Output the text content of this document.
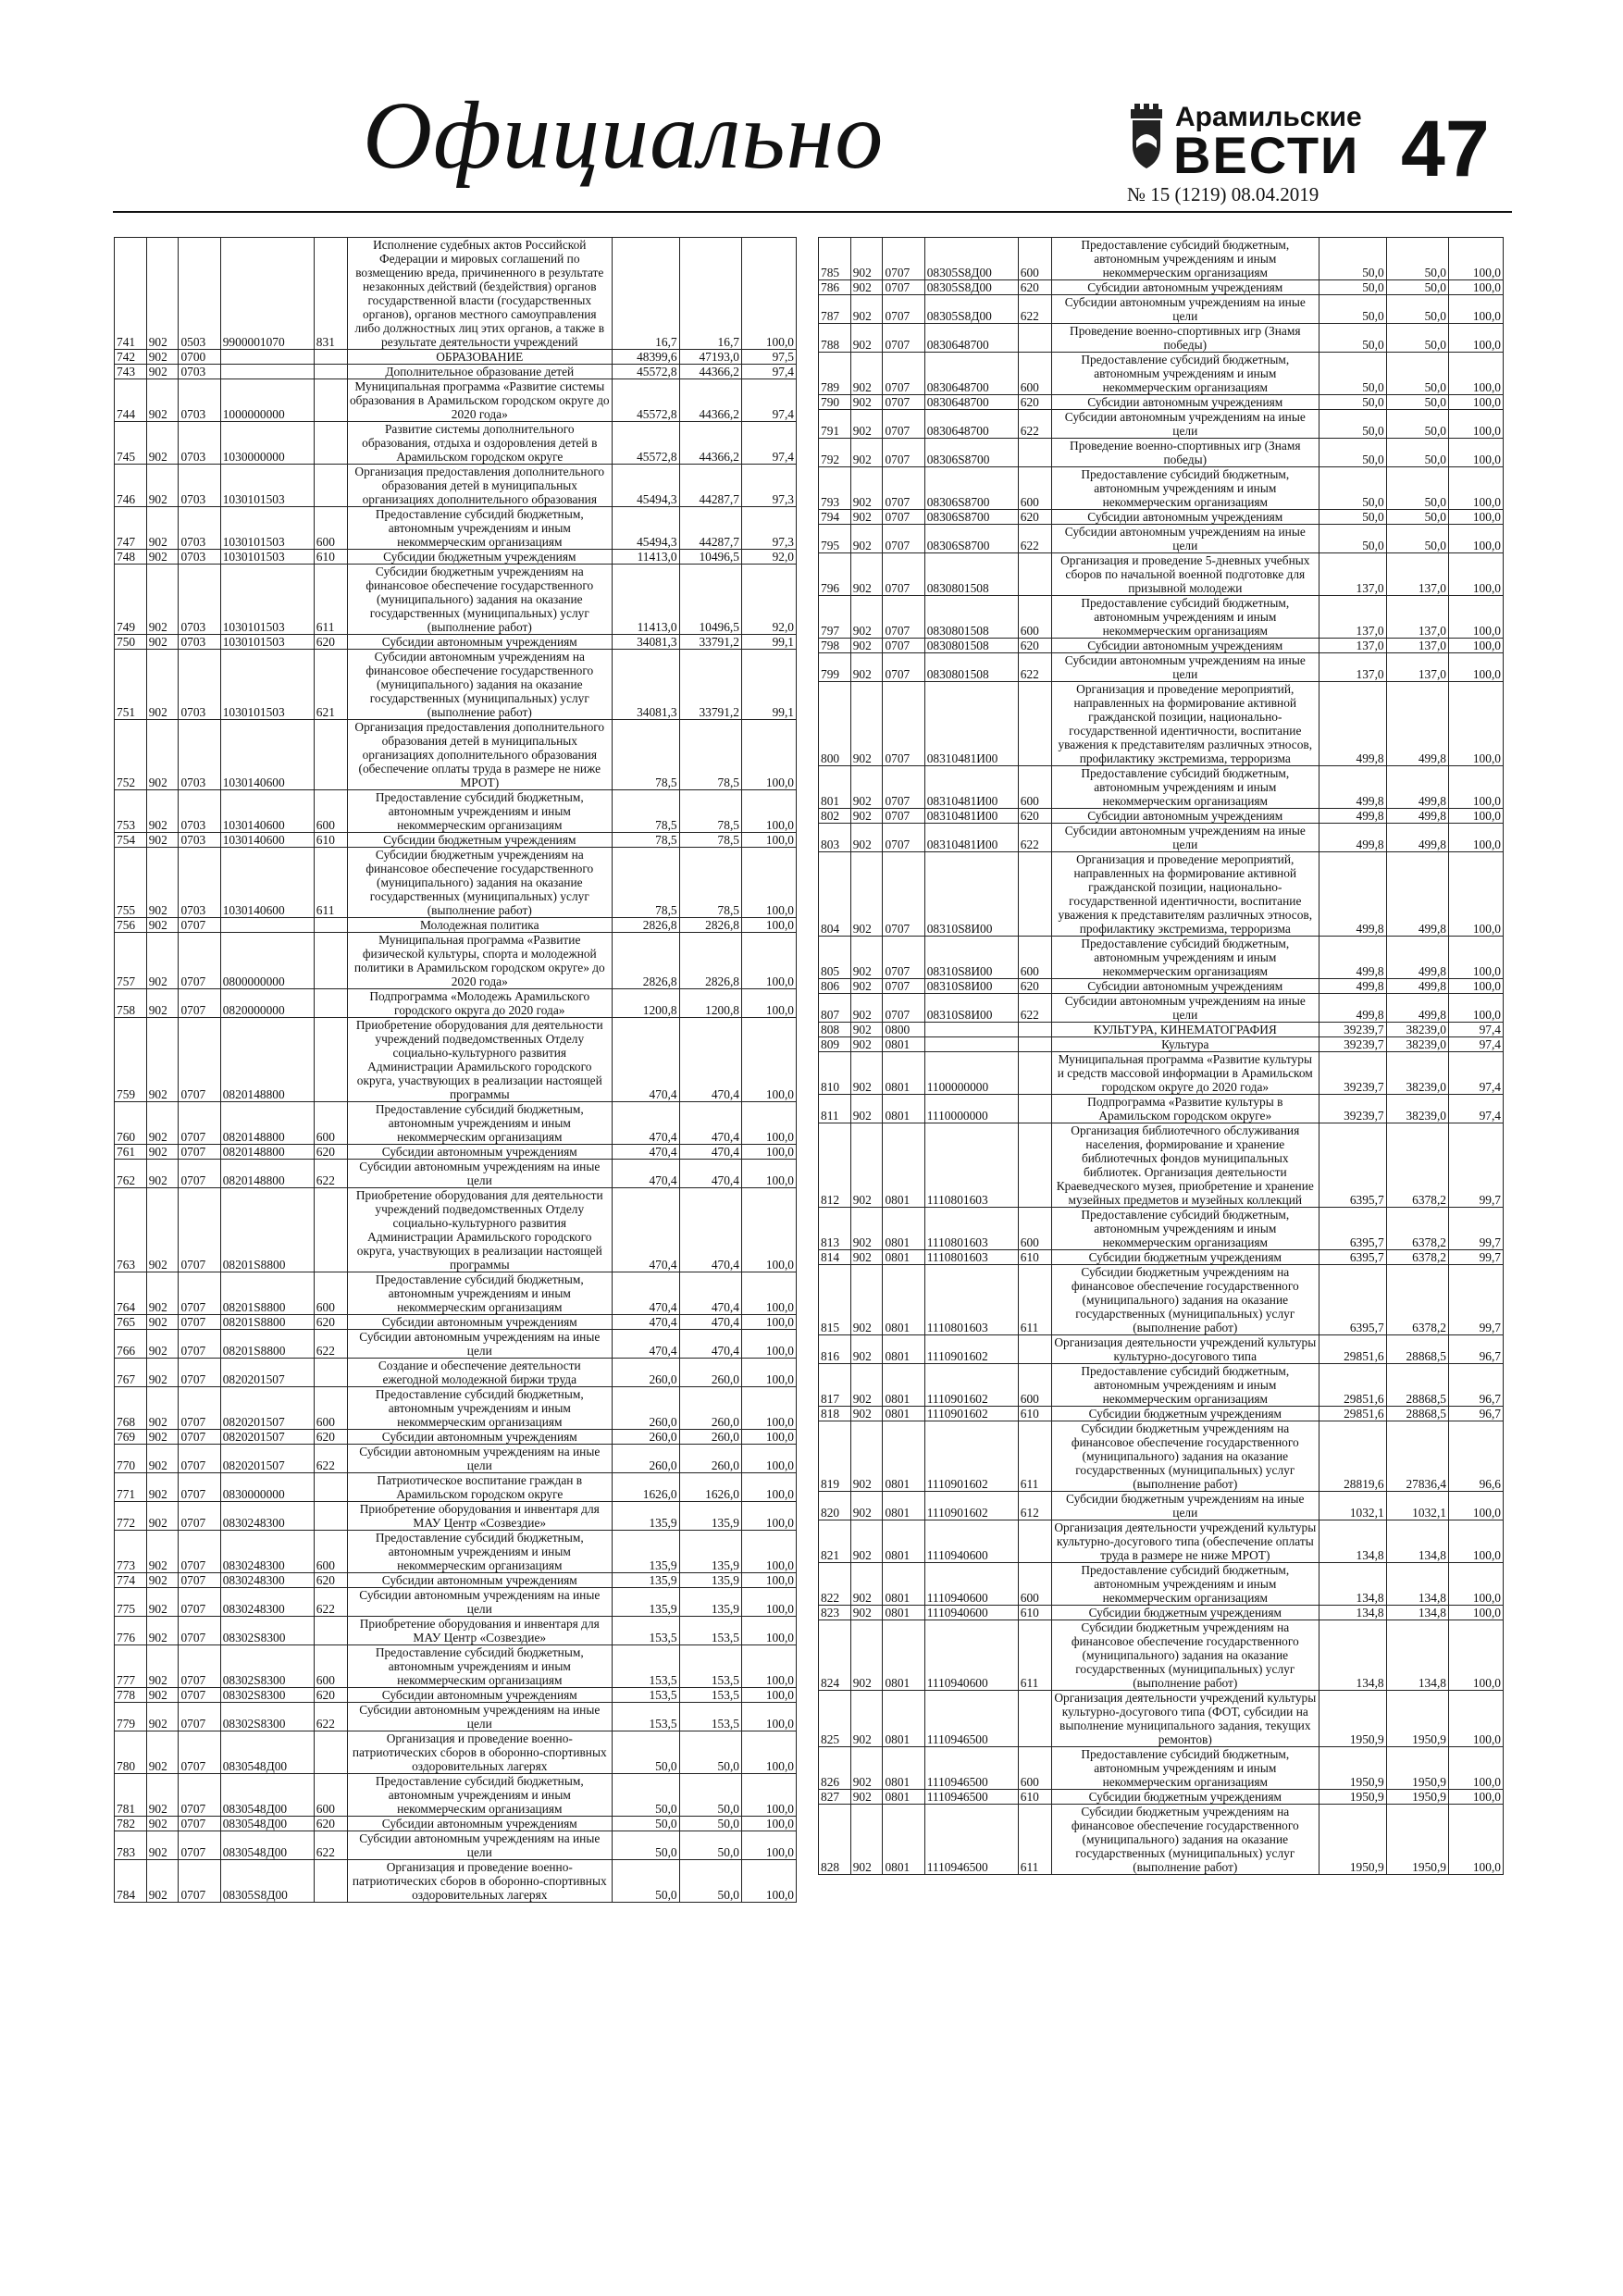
Официально	Арамильские
ВЕСТИ
№ 15 (1219) 08.04.2019
47
741	902	0503	9900001070	831	Исполнение судебных актов Российской Федерации и мировых соглашений по возмещению вреда, причиненного в результате незаконных действий (бездействия) органов государственной власти (государственных органов), органов местного самоуправления либо должностных лиц этих органов, а также в результате деятельности учреждений	16,7	16,7	100,0
742	902	0700			ОБРАЗОВАНИЕ	48399,6	47193,0	97,5
743	902	0703			Дополнительное образование детей	45572,8	44366,2	97,4
744	902	0703	1000000000		Муниципальная программа «Развитие системы образования в Арамильском городском округе до 2020 года»	45572,8	44366,2	97,4
745	902	0703	1030000000		Развитие системы дополнительного образования, отдыха и оздоровления детей в Арамильском городском округе	45572,8	44366,2	97,4
746	902	0703	1030101503		Организация предоставления дополнительного образования детей в муниципальных организациях дополнительного образования	45494,3	44287,7	97,3
747	902	0703	1030101503	600	Предоставление субсидий бюджетным, автономным учреждениям и иным некоммерческим организациям	45494,3	44287,7	97,3
748	902	0703	1030101503	610	Субсидии бюджетным учреждениям	11413,0	10496,5	92,0
749	902	0703	1030101503	611	Субсидии бюджетным учреждениям на финансовое обеспечение государственного (муниципального) задания на оказание государственных (муниципальных) услуг (выполнение работ)	11413,0	10496,5	92,0
750	902	0703	1030101503	620	Субсидии автономным учреждениям	34081,3	33791,2	99,1
751	902	0703	1030101503	621	Субсидии автономным учреждениям на финансовое обеспечение государственного (муниципального) задания на оказание государственных (муниципальных) услуг (выполнение работ)	34081,3	33791,2	99,1
752	902	0703	1030140600		Организация предоставления дополнительного образования детей в муниципальных организациях дополнительного образования (обеспечение оплаты труда в размере не ниже МРОТ)	78,5	78,5	100,0
753	902	0703	1030140600	600	Предоставление субсидий бюджетным, автономным учреждениям и иным некоммерческим организациям	78,5	78,5	100,0
754	902	0703	1030140600	610	Субсидии бюджетным учреждениям	78,5	78,5	100,0
755	902	0703	1030140600	611	Субсидии бюджетным учреждениям на финансовое обеспечение государственного (муниципального) задания на оказание государственных (муниципальных) услуг (выполнение работ)	78,5	78,5	100,0
756	902	0707			Молодежная политика	2826,8	2826,8	100,0
757	902	0707	0800000000		Муниципальная программа «Развитие физической культуры, спорта и молодежной политики в Арамильском городском округе» до 2020 года»	2826,8	2826,8	100,0
758	902	0707	0820000000		Подпрограмма «Молодежь Арамильского городского округа до 2020 года»	1200,8	1200,8	100,0
759	902	0707	0820148800		Приобретение оборудования для деятельности учреждений подведомственных Отделу социально-культурного развития Администрации Арамильского городского округа, участвующих в реализации настоящей программы	470,4	470,4	100,0
760	902	0707	0820148800	600	Предоставление субсидий бюджетным, автономным учреждениям и иным некоммерческим организациям	470,4	470,4	100,0
761	902	0707	0820148800	620	Субсидии автономным учреждениям	470,4	470,4	100,0
762	902	0707	0820148800	622	Субсидии автономным учреждениям на иные цели	470,4	470,4	100,0
763	902	0707	08201S8800		Приобретение оборудования для деятельности учреждений подведомственных Отделу социально-культурного развития Администрации Арамильского городского округа, участвующих в реализации настоящей программы	470,4	470,4	100,0
764	902	0707	08201S8800	600	Предоставление субсидий бюджетным, автономным учреждениям и иным некоммерческим организациям	470,4	470,4	100,0
765	902	0707	08201S8800	620	Субсидии автономным учреждениям	470,4	470,4	100,0
766	902	0707	08201S8800	622	Субсидии автономным учреждениям на иные цели	470,4	470,4	100,0
767	902	0707	0820201507		Создание и обеспечение деятельности ежегодной молодежной биржи труда	260,0	260,0	100,0
768	902	0707	0820201507	600	Предоставление субсидий бюджетным, автономным учреждениям и иным некоммерческим организациям	260,0	260,0	100,0
769	902	0707	0820201507	620	Субсидии автономным учреждениям	260,0	260,0	100,0
770	902	0707	0820201507	622	Субсидии автономным учреждениям на иные цели	260,0	260,0	100,0
771	902	0707	0830000000		Патриотическое воспитание граждан в Арамильском городском округе	1626,0	1626,0	100,0
772	902	0707	0830248300		Приобретение оборудования и инвентаря для МАУ Центр «Созвездие»	135,9	135,9	100,0
773	902	0707	0830248300	600	Предоставление субсидий бюджетным, автономным учреждениям и иным некоммерческим организациям	135,9	135,9	100,0
774	902	0707	0830248300	620	Субсидии автономным учреждениям	135,9	135,9	100,0
775	902	0707	0830248300	622	Субсидии автономным учреждениям на иные цели	135,9	135,9	100,0
776	902	0707	08302S8300		Приобретение оборудования и инвентаря для МАУ Центр «Созвездие»	153,5	153,5	100,0
777	902	0707	08302S8300	600	Предоставление субсидий бюджетным, автономным учреждениям и иным некоммерческим организациям	153,5	153,5	100,0
778	902	0707	08302S8300	620	Субсидии автономным учреждениям	153,5	153,5	100,0
779	902	0707	08302S8300	622	Субсидии автономным учреждениям на иные цели	153,5	153,5	100,0
780	902	0707	0830548Д00		Организация и проведение военно-патриотических сборов в оборонно-спортивных оздоровительных лагерях	50,0	50,0	100,0
781	902	0707	0830548Д00	600	Предоставление субсидий бюджетным, автономным учреждениям и иным некоммерческим организациям	50,0	50,0	100,0
782	902	0707	0830548Д00	620	Субсидии автономным учреждениям	50,0	50,0	100,0
783	902	0707	0830548Д00	622	Субсидии автономным учреждениям на иные цели	50,0	50,0	100,0
784	902	0707	08305S8Д00		Организация и проведение военно-патриотических сборов в оборонно-спортивных оздоровительных лагерях	50,0	50,0	100,0
785	902	0707	08305S8Д00	600	Предоставление субсидий бюджетным, автономным учреждениям и иным некоммерческим организациям	50,0	50,0	100,0
786	902	0707	08305S8Д00	620	Субсидии автономным учреждениям	50,0	50,0	100,0
787	902	0707	08305S8Д00	622	Субсидии автономным учреждениям на иные цели	50,0	50,0	100,0
788	902	0707	0830648700		Проведение военно-спортивных игр (Знамя победы)	50,0	50,0	100,0
789	902	0707	0830648700	600	Предоставление субсидий бюджетным, автономным учреждениям и иным некоммерческим организациям	50,0	50,0	100,0
790	902	0707	0830648700	620	Субсидии автономным учреждениям	50,0	50,0	100,0
791	902	0707	0830648700	622	Субсидии автономным учреждениям на иные цели	50,0	50,0	100,0
792	902	0707	08306S8700		Проведение военно-спортивных игр (Знамя победы)	50,0	50,0	100,0
793	902	0707	08306S8700	600	Предоставление субсидий бюджетным, автономным учреждениям и иным некоммерческим организациям	50,0	50,0	100,0
794	902	0707	08306S8700	620	Субсидии автономным учреждениям	50,0	50,0	100,0
795	902	0707	08306S8700	622	Субсидии автономным учреждениям на иные цели	50,0	50,0	100,0
796	902	0707	0830801508		Организация и проведение 5-дневных учебных сборов по начальной военной подготовке для призывной молодежи	137,0	137,0	100,0
797	902	0707	0830801508	600	Предоставление субсидий бюджетным, автономным учреждениям и иным некоммерческим организациям	137,0	137,0	100,0
798	902	0707	0830801508	620	Субсидии автономным учреждениям	137,0	137,0	100,0
799	902	0707	0830801508	622	Субсидии автономным учреждениям на иные цели	137,0	137,0	100,0
800	902	0707	08310481И00		Организация и проведение мероприятий, направленных на формирование активной гражданской позиции, национально-государственной идентичности, воспитание уважения к представителям различных этносов, профилактику экстремизма, терроризма	499,8	499,8	100,0
801	902	0707	08310481И00	600	Предоставление субсидий бюджетным, автономным учреждениям и иным некоммерческим организациям	499,8	499,8	100,0
802	902	0707	08310481И00	620	Субсидии автономным учреждениям	499,8	499,8	100,0
803	902	0707	08310481И00	622	Субсидии автономным учреждениям на иные цели	499,8	499,8	100,0
804	902	0707	08310S8И00		Организация и проведение мероприятий, направленных на формирование активной гражданской позиции, национально-государственной идентичности, воспитание уважения к представителям различных этносов, профилактику экстремизма, терроризма	499,8	499,8	100,0
805	902	0707	08310S8И00	600	Предоставление субсидий бюджетным, автономным учреждениям и иным некоммерческим организациям	499,8	499,8	100,0
806	902	0707	08310S8И00	620	Субсидии автономным учреждениям	499,8	499,8	100,0
807	902	0707	08310S8И00	622	Субсидии автономным учреждениям на иные цели	499,8	499,8	100,0
808	902	0800			КУЛЬТУРА, КИНЕМАТОГРАФИЯ	39239,7	38239,0	97,4
809	902	0801			Культура	39239,7	38239,0	97,4
810	902	0801	1100000000		Муниципальная программа «Развитие культуры и средств массовой информации в Арамильском городском округе до 2020 года»	39239,7	38239,0	97,4
811	902	0801	1110000000		Подпрограмма «Развитие культуры в Арамильском городском округе»	39239,7	38239,0	97,4
812	902	0801	1110801603		Организация библиотечного обслуживания населения, формирование и хранение библиотечных фондов муниципальных библиотек. Организация деятельности Краеведческого музея, приобретение и хранение музейных предметов и музейных коллекций	6395,7	6378,2	99,7
813	902	0801	1110801603	600	Предоставление субсидий бюджетным, автономным учреждениям и иным некоммерческим организациям	6395,7	6378,2	99,7
814	902	0801	1110801603	610	Субсидии бюджетным учреждениям	6395,7	6378,2	99,7
815	902	0801	1110801603	611	Субсидии бюджетным учреждениям на финансовое обеспечение государственного (муниципального) задания на оказание государственных (муниципальных) услуг (выполнение работ)	6395,7	6378,2	99,7
816	902	0801	1110901602		Организация деятельности учреждений культуры культурно-досугового типа	29851,6	28868,5	96,7
817	902	0801	1110901602	600	Предоставление субсидий бюджетным, автономным учреждениям и иным некоммерческим организациям	29851,6	28868,5	96,7
818	902	0801	1110901602	610	Субсидии бюджетным учреждениям	29851,6	28868,5	96,7
819	902	0801	1110901602	611	Субсидии бюджетным учреждениям на финансовое обеспечение государственного (муниципального) задания на оказание государственных (муниципальных) услуг (выполнение работ)	28819,6	27836,4	96,6
820	902	0801	1110901602	612	Субсидии бюджетным учреждениям на иные цели	1032,1	1032,1	100,0
821	902	0801	1110940600		Организация деятельности учреждений культуры культурно-досугового типа (обеспечение оплаты труда в размере не ниже МРОТ)	134,8	134,8	100,0
822	902	0801	1110940600	600	Предоставление субсидий бюджетным, автономным учреждениям и иным некоммерческим организациям	134,8	134,8	100,0
823	902	0801	1110940600	610	Субсидии бюджетным учреждениям	134,8	134,8	100,0
824	902	0801	1110940600	611	Субсидии бюджетным учреждениям на финансовое обеспечение государственного (муниципального) задания на оказание государственных (муниципальных) услуг (выполнение работ)	134,8	134,8	100,0
825	902	0801	1110946500		Организация деятельности учреждений культуры культурно-досугового типа (ФОТ, субсидии на выполнение муниципального задания, текущих ремонтов)	1950,9	1950,9	100,0
826	902	0801	1110946500	600	Предоставление субсидий бюджетным, автономным учреждениям и иным некоммерческим организациям	1950,9	1950,9	100,0
827	902	0801	1110946500	610	Субсидии бюджетным учреждениям	1950,9	1950,9	100,0
828	902	0801	1110946500	611	Субсидии бюджетным учреждениям на финансовое обеспечение государственного (муниципального) задания на оказание государственных (муниципальных) услуг (выполнение работ)	1950,9	1950,9	100,0
